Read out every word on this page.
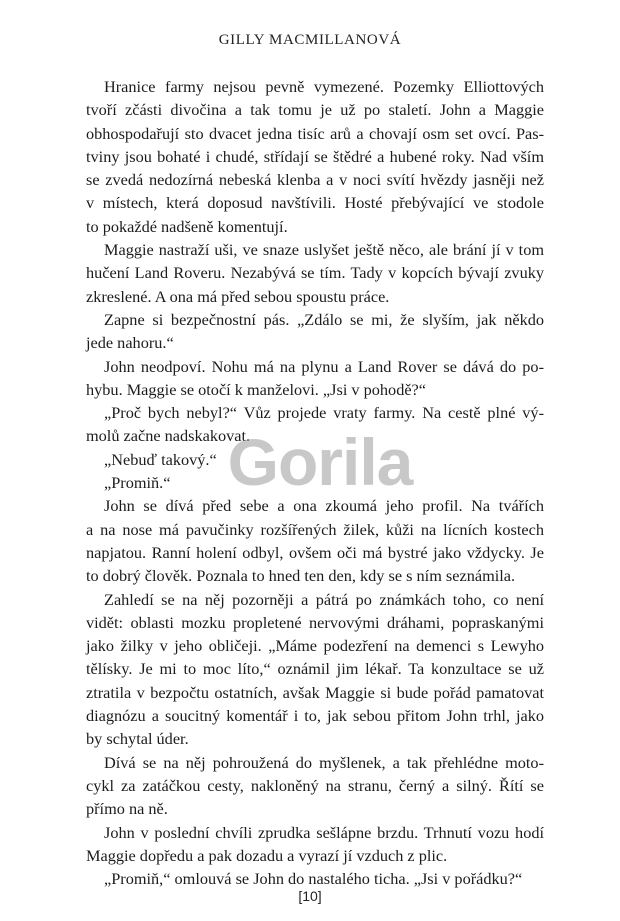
GILLY MACMILLANOVÁ

Hranice farmy nejsou pevně vymezené. Pozemky Elliottových
tvoří zčásti divočina a tak tomu je už po staletí. John a Maggie
obhospodařují sto dvacet jedna tisíc arů a chovají osm set ovcí. Pas-
tviny jsou bohaté i chudé, střídají se štědré a hubené roky. Nad vším
se zvedá nedozírná nebeská klenba a v noci svítí hvězdy jasněji než
v místech, která doposud navštívili. Hosté přebývající ve stodole
to pokaždé nadšeně komentují.

Maggie nastraží uši, ve snaze uslyšet ještě něco, ale brání jí v tom
hučení Land Roveru. Nezabývá se tím. Tady v kopcích bývají zvuky
zkreslené. A ona má před sebou spoustu práce.

Zapne si bezpečnostní pás. „Zdálo se mi, že slyším, jak někdo
jede nahoru.“

John neodpoví. Nohu má na plynu a Land Rover se dává do po-
hybu. Maggie se otočí k manželovi. „Jsi v pohodě?“

„Proč bych nebyl?“ Vůz projede vraty farmy. Na cestě plné vý-
molů začne nadskakovat.

„Nebuď takový.“

„Promiň.“

John se dívá před sebe a ona zkoumá jeho profil. Na tvářích
a na nose má pavučinky rozšířených žilek, kůži na lícních kostech
napjatou. Ranní holení odbyl, ovšem oči má bystré jako vždycky. Je
to dobrý člověk. Poznala to hned ten den, kdy se s ním seznámila.

Zahledí se na něj pozorněji a pátrá po známkách toho, co není
vidět: oblasti mozku propletené nervovými dráhami, popraskanými
jako žilky v jeho obličeji. „Máme podezření na demenci s Lewyho
tělísky. Je mi to moc líto,“ oznámil jim lékař. Ta konzultace se už
ztratila v bezpočtu ostatních, avšak Maggie si bude pořád pamatovat
diagnózu a soucitný komentář i to, jak sebou přitom John trhl, jako
by schytal úder.

Dívá se na něj pohroužená do myšlenek, a tak přehlédne moto-
cykl za zatáčkou cesty, nakloněný na stranu, černý a silný. Řítí se
přímo na ně.

John v poslední chvíli zprudka sešlápne brzdu. Trhnutí vozu hodí
Maggie dopředu a pak dozadu a vyrazí jí vzduch z plic.

„Promiň,“ omlouvá se John do nastalého ticha. „Jsi v pořádku?“

Gorila
[10]
